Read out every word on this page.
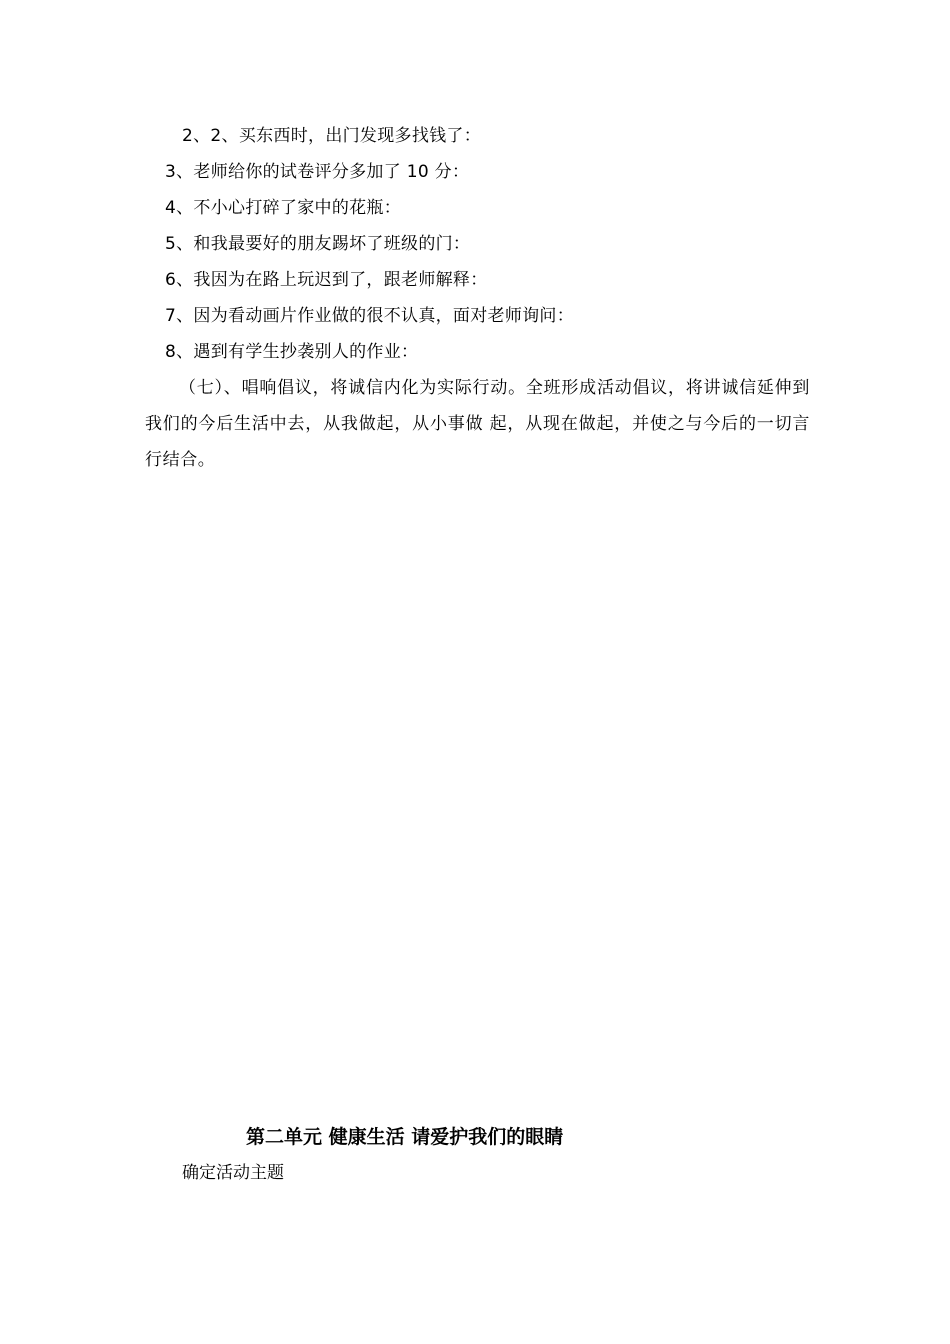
2、2、买东西时，出门发现多找钱了：
3、老师给你的试卷评分多加了 10 分：
4、不小心打碎了家中的花瓶：
5、和我最要好的朋友踢坏了班级的门：
6、我因为在路上玩迟到了，跟老师解释：
7、因为看动画片作业做的很不认真，面对老师询问：
8、遇到有学生抄袭别人的作业：
（七）、唱响倡议，将诚信内化为实际行动。全班形成活动倡议，将讲诚信延伸到我们的今后生活中去，从我做起，从小事做 起，从现在做起，并使之与今后的一切言行结合。
第二单元 健康生活 请爱护我们的眼睛
确定活动主题
